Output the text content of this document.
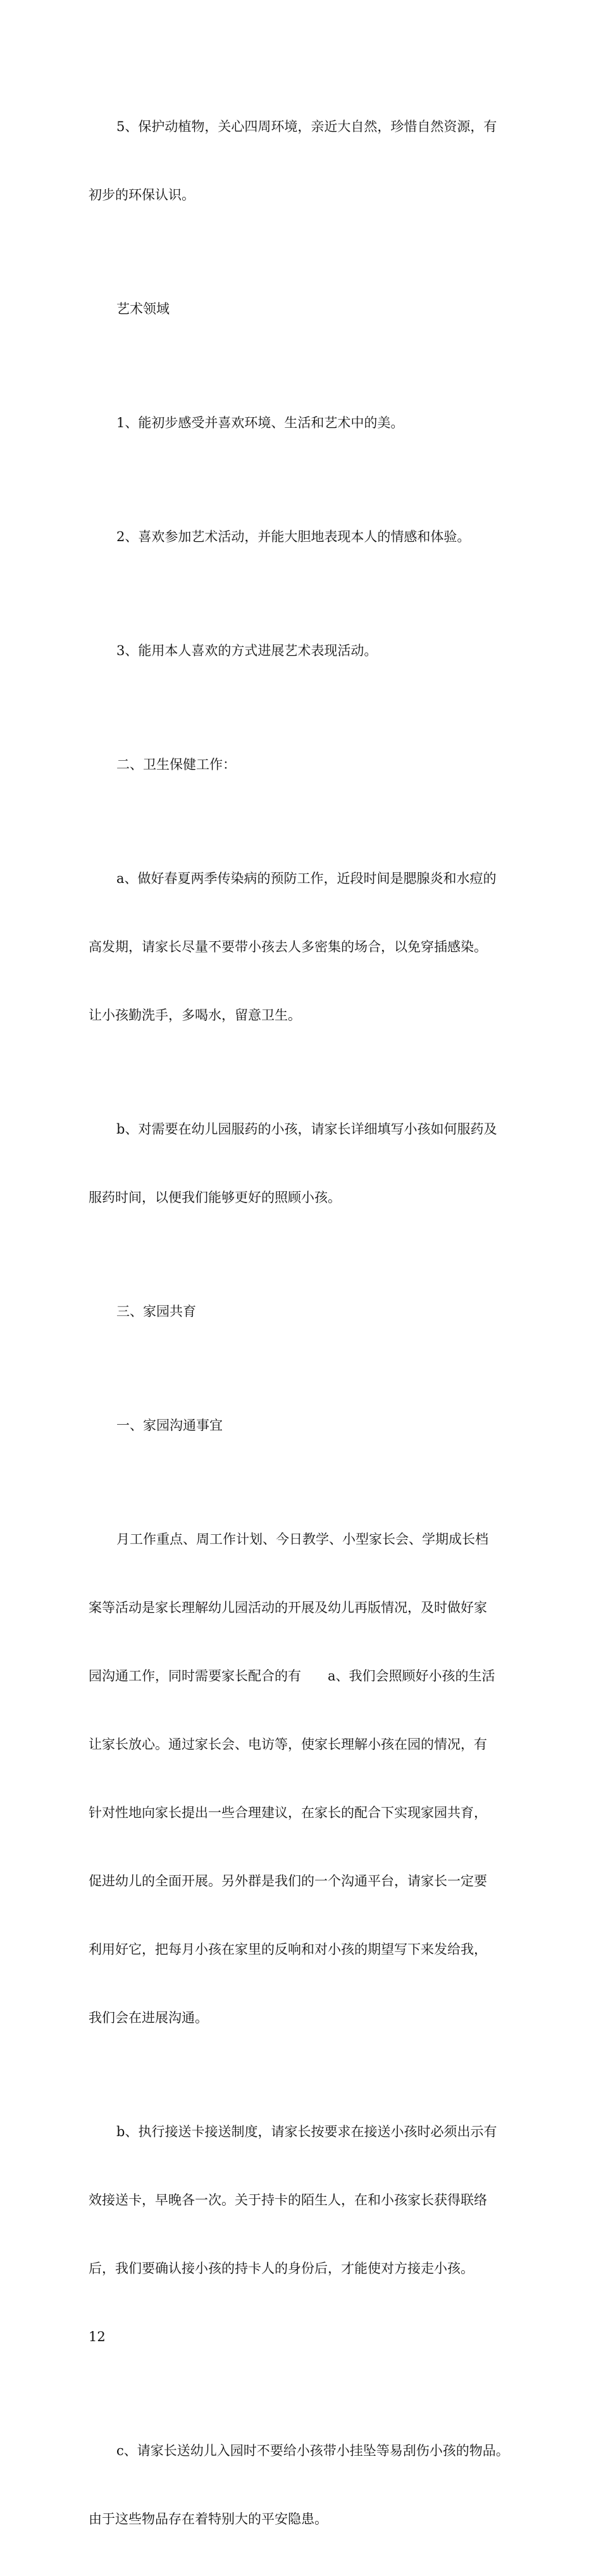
5、保护动植物，关心四周环境，亲近大自然，珍惜自然资源，有

初步的环保认识。

艺术领域

1、能初步感受并喜欢环境、生活和艺术中的美。

2、喜欢参加艺术活动，并能大胆地表现本人的情感和体验。

3、能用本人喜欢的方式进展艺术表现活动。

二、卫生保健工作：

a、做好春夏两季传染病的预防工作，近段时间是腮腺炎和水痘的

高发期，请家长尽量不要带小孩去人多密集的场合，以免穿插感染。

让小孩勤洗手，多喝水，留意卫生。

b、对需要在幼儿园服药的小孩，请家长详细填写小孩如何服药及

服药时间，以便我们能够更好的照顾小孩。

三、家园共育

一、家园沟通事宜

月工作重点、周工作计划、今日教学、小型家长会、学期成长档

案等活动是家长理解幼儿园活动的开展及幼儿再版情况，及时做好家

园沟通工作，同时需要家长配合的有　　a、我们会照顾好小孩的生活

让家长放心。通过家长会、电访等，使家长理解小孩在园的情况，有

针对性地向家长提出一些合理建议，在家长的配合下实现家园共育，

促进幼儿的全面开展。另外群是我们的一个沟通平台，请家长一定要

利用好它，把每月小孩在家里的反响和对小孩的期望写下来发给我，

我们会在进展沟通。

b、执行接送卡接送制度，请家长按要求在接送小孩时必须出示有

效接送卡，早晚各一次。关于持卡的陌生人，在和小孩家长获得联络

后，我们要确认接小孩的持卡人的身份后，才能使对方接走小孩。

12

c、请家长送幼儿入园时不要给小孩带小挂坠等易刮伤小孩的物品。

由于这些物品存在着特别大的平安隐患。
